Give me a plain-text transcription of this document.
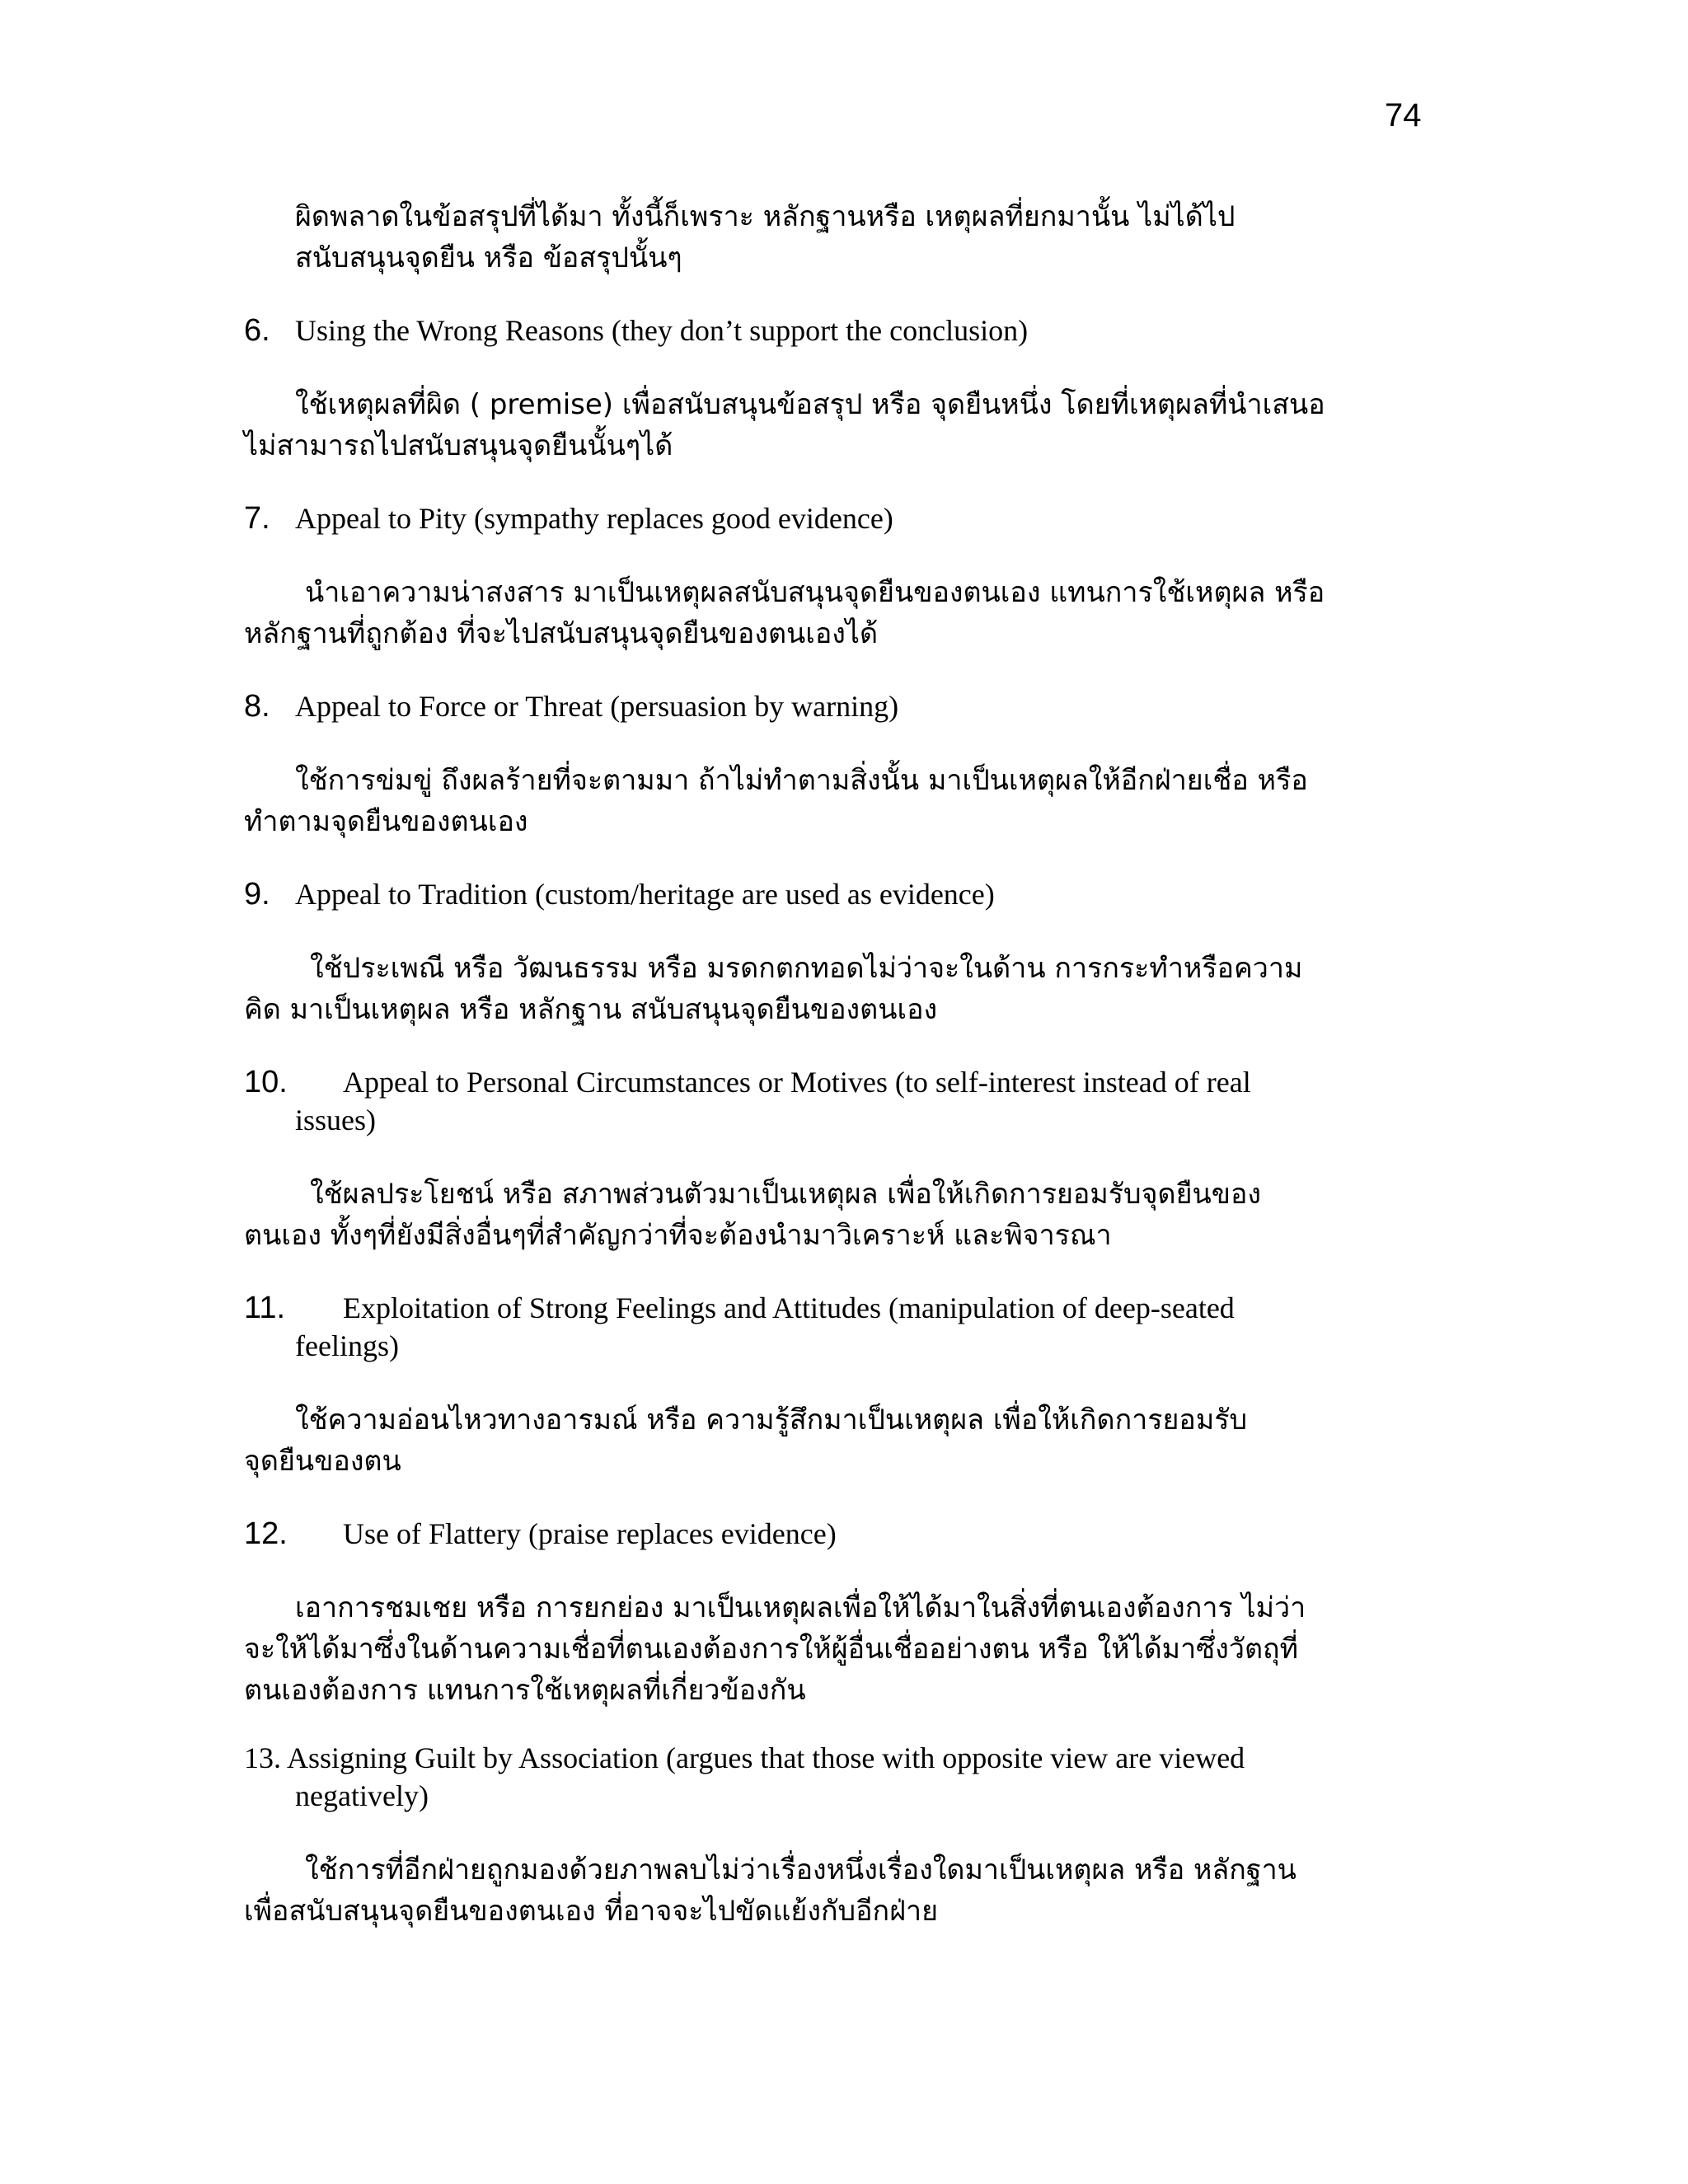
74
ผิดพลาดในข้อสรุปที่ได้มา ทั้งนี้ก็เพราะ หลักฐานหรือ เหตุผลที่ยกมานั้น ไม่ได้ไป
สนับสนุนจุดยืน หรือ ข้อสรุปนั้นๆ
6. Using the Wrong Reasons (they don’t support the conclusion)
ใช้เหตุผลที่ผิด ( premise) เพื่อสนับสนุนข้อสรุป หรือ จุดยืนหนึ่ง โดยที่เหตุผลที่นำเสนอ
ไม่สามารถไปสนับสนุนจุดยืนนั้นๆได้
7. Appeal to Pity (sympathy replaces good evidence)
นำเอาความน่าสงสาร มาเป็นเหตุผลสนับสนุนจุดยืนของตนเอง แทนการใช้เหตุผล หรือ
หลักฐานที่ถูกต้อง ที่จะไปสนับสนุนจุดยืนของตนเองได้
8. Appeal to Force or Threat (persuasion by warning)
ใช้การข่มขู่ ถึงผลร้ายที่จะตามมา ถ้าไม่ทำตามสิ่งนั้น มาเป็นเหตุผลให้อีกฝ่ายเชื่อ หรือ
ทำตามจุดยืนของตนเอง
9. Appeal to Tradition (custom/heritage are used as evidence)
ใช้ประเพณี หรือ วัฒนธรรม หรือ มรดกตกทอดไม่ว่าจะในด้าน การกระทำหรือความ
คิด มาเป็นเหตุผล หรือ หลักฐาน สนับสนุนจุดยืนของตนเอง
10. Appeal to Personal Circumstances or Motives (to self-interest instead of real
issues)
ใช้ผลประโยชน์ หรือ สภาพส่วนตัวมาเป็นเหตุผล เพื่อให้เกิดการยอมรับจุดยืนของ
ตนเอง ทั้งๆที่ยังมีสิ่งอื่นๆที่สำคัญกว่าที่จะต้องนำมาวิเคราะห์ และพิจารณา
11. Exploitation of Strong Feelings and Attitudes (manipulation of deep-seated
feelings)
ใช้ความอ่อนไหวทางอารมณ์ หรือ ความรู้สึกมาเป็นเหตุผล เพื่อให้เกิดการยอมรับ
จุดยืนของตน
12. Use of Flattery (praise replaces evidence)
เอาการชมเชย หรือ การยกย่อง มาเป็นเหตุผลเพื่อให้ได้มาในสิ่งที่ตนเองต้องการ ไม่ว่า
จะให้ได้มาซึ่งในด้านความเชื่อที่ตนเองต้องการให้ผู้อื่นเชื่ออย่างตน หรือ ให้ได้มาซึ่งวัตถุที่
ตนเองต้องการ แทนการใช้เหตุผลที่เกี่ยวข้องกัน
13. Assigning Guilt by Association (argues that those with opposite view are viewed
negatively)
ใช้การที่อีกฝ่ายถูกมองด้วยภาพลบไม่ว่าเรื่องหนึ่งเรื่องใดมาเป็นเหตุผล หรือ หลักฐาน
เพื่อสนับสนุนจุดยืนของตนเอง ที่อาจจะไปขัดแย้งกับอีกฝ่าย
